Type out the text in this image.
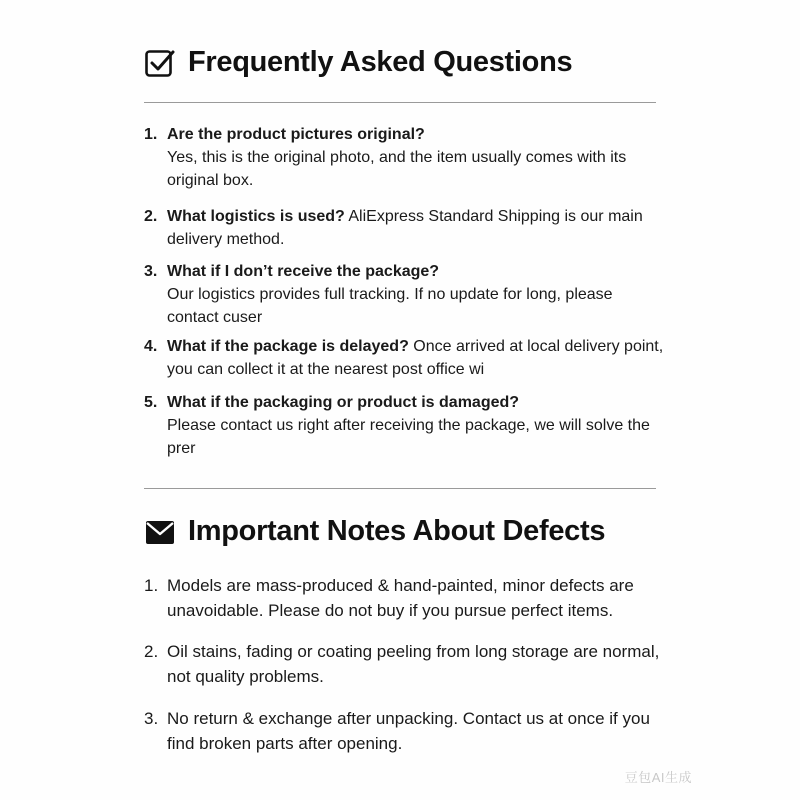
Frequently Asked Questions
1. Are the product pictures original?
Yes, this is the original photo, and the item usually comes with its original box.
2. What logistics is used? AliExpress Standard Shipping is our main delivery method.
3. What if I don’t receive the package?
Our logistics provides full tracking. If no update for long, please contact cuser
4. What if the package is delayed? Once arrived at local delivery point, you can collect it at the nearest post office wi
5. What if the packaging or product is damaged?
Please contact us right after receiving the package, we will solve the prer
Important Notes About Defects
1. Models are mass-produced & hand-painted, minor defects are unavoidable. Please do not buy if you pursue perfect items.
2. Oil stains, fading or coating peeling from long storage are normal, not quality problems.
3. No return & exchange after unpacking. Contact us at once if you find broken parts after opening.
豆包AI生成
